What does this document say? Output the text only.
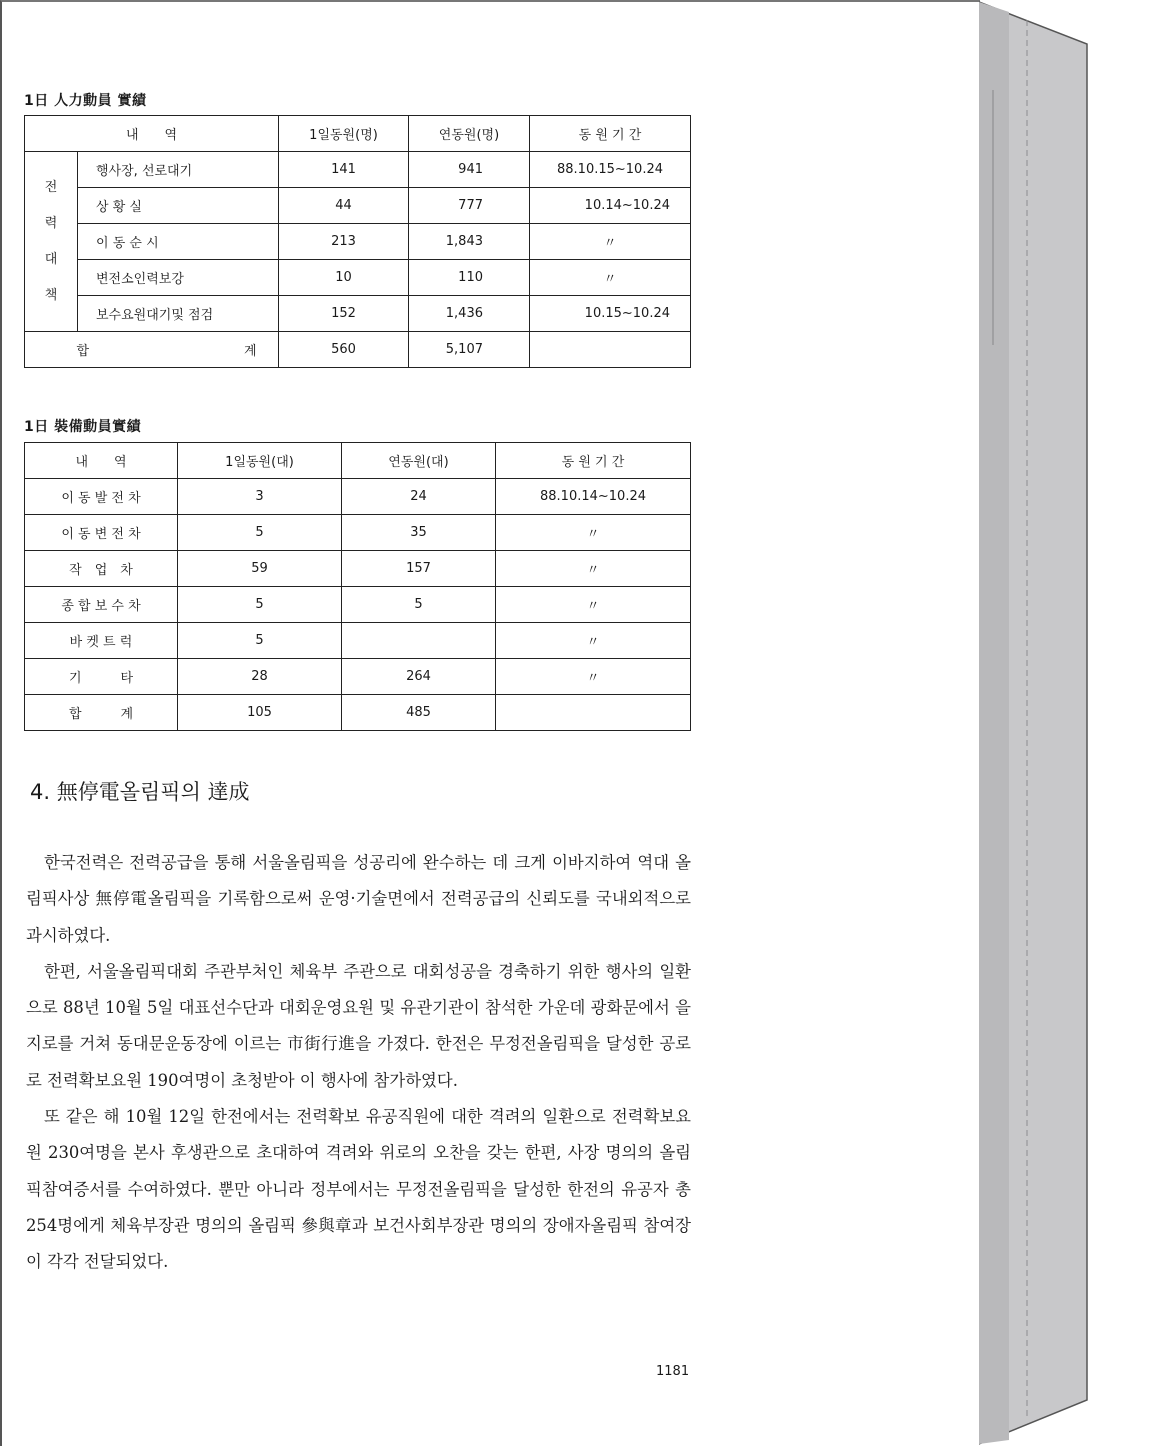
1日 人力動員 實績
내　　역		1일동원(명)	연동원(명)	동 원 기 간

전
력
대
책	행사장, 선로대기	141	941	88.10.15~10.24
	상 황 실	44	777	10.14~10.24
	이 동 순 시	213	1,843	〃
	변전소인력보강	10	110	〃
	보수요원대기및 점검	152	1,436	10.15~10.24
합 계		560	5,107	
1日 裝備動員實績
내　　역	1일동원(대)	연동원(대)	동 원 기 간
이 동 발 전 차	3	24	88.10.14~10.24
이 동 변 전 차	5	35	〃
작　업　차	59	157	〃
종 합 보 수 차	5	5	〃
바 켓 트 럭	5		〃
기　　　타	28	264	〃
합　　　계	105	485	
4. 無停電올림픽의 達成

한국전력은 전력공급을 통해 서울올림픽을 성공리에 완수하는 데 크게 이바지하여 역대 올림픽사상 無停電올림픽을 기록함으로써 운영·기술면에서 전력공급의 신뢰도를 국내외적으로 과시하였다.

한편, 서울올림픽대회 주관부처인 체육부 주관으로 대회성공을 경축하기 위한 행사의 일환으로 88년 10월 5일 대표선수단과 대회운영요원 및 유관기관이 참석한 가운데 광화문에서 을지로를 거쳐 동대문운동장에 이르는 市街行進을 가졌다. 한전은 무정전올림픽을 달성한 공로로 전력확보요원 190여명이 초청받아 이 행사에 참가하였다.

또 같은 해 10월 12일 한전에서는 전력확보 유공직원에 대한 격려의 일환으로 전력확보요원 230여명을 본사 후생관으로 초대하여 격려와 위로의 오찬을 갖는 한편, 사장 명의의 올림픽참여증서를 수여하였다. 뿐만 아니라 정부에서는 무정전올림픽을 달성한 한전의 유공자 총 254명에게 체육부장관 명의의 올림픽 參與章과 보건사회부장관 명의의 장애자올림픽 참여장이 각각 전달되었다.

1181
